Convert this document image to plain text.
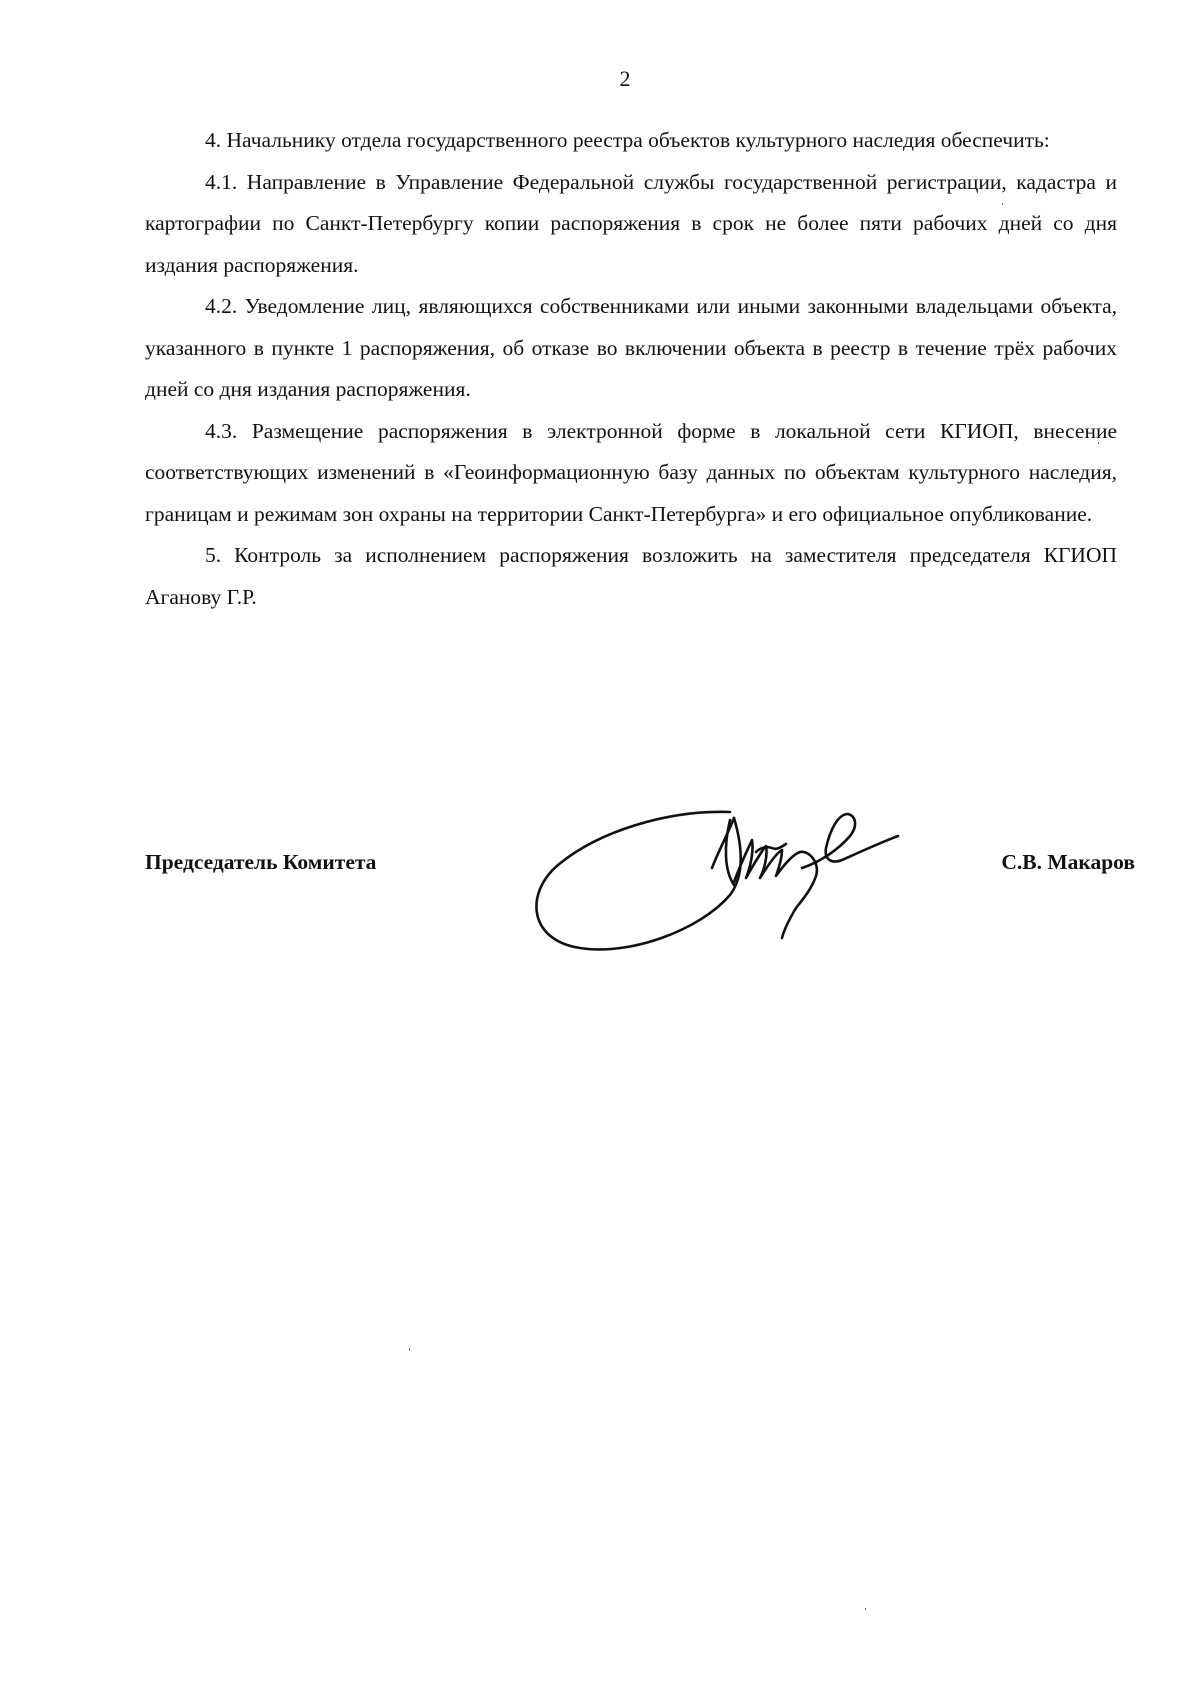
2

4. Начальнику отдела государственного реестра объектов культурного наследия обеспечить:

4.1. Направление в Управление Федеральной службы государственной регистрации, кадастра и картографии по Санкт-Петербургу копии распоряжения в срок не более пяти рабочих дней со дня издания распоряжения.

4.2. Уведомление лиц, являющихся собственниками или иными законными владельцами объекта, указанного в пункте 1 распоряжения, об отказе во включении объекта в реестр в течение трёх рабочих дней со дня издания распоряжения.

4.3. Размещение распоряжения в электронной форме в локальной сети КГИОП, внесение соответствующих изменений в «Геоинформационную базу данных по объектам культурного наследия, границам и режимам зон охраны на территории Санкт-Петербурга» и его официальное опубликование.

5. Контроль за исполнением распоряжения возложить на заместителя председателя КГИОП Аганову Г.Р.

Председатель Комитета	С.В. Макаров
